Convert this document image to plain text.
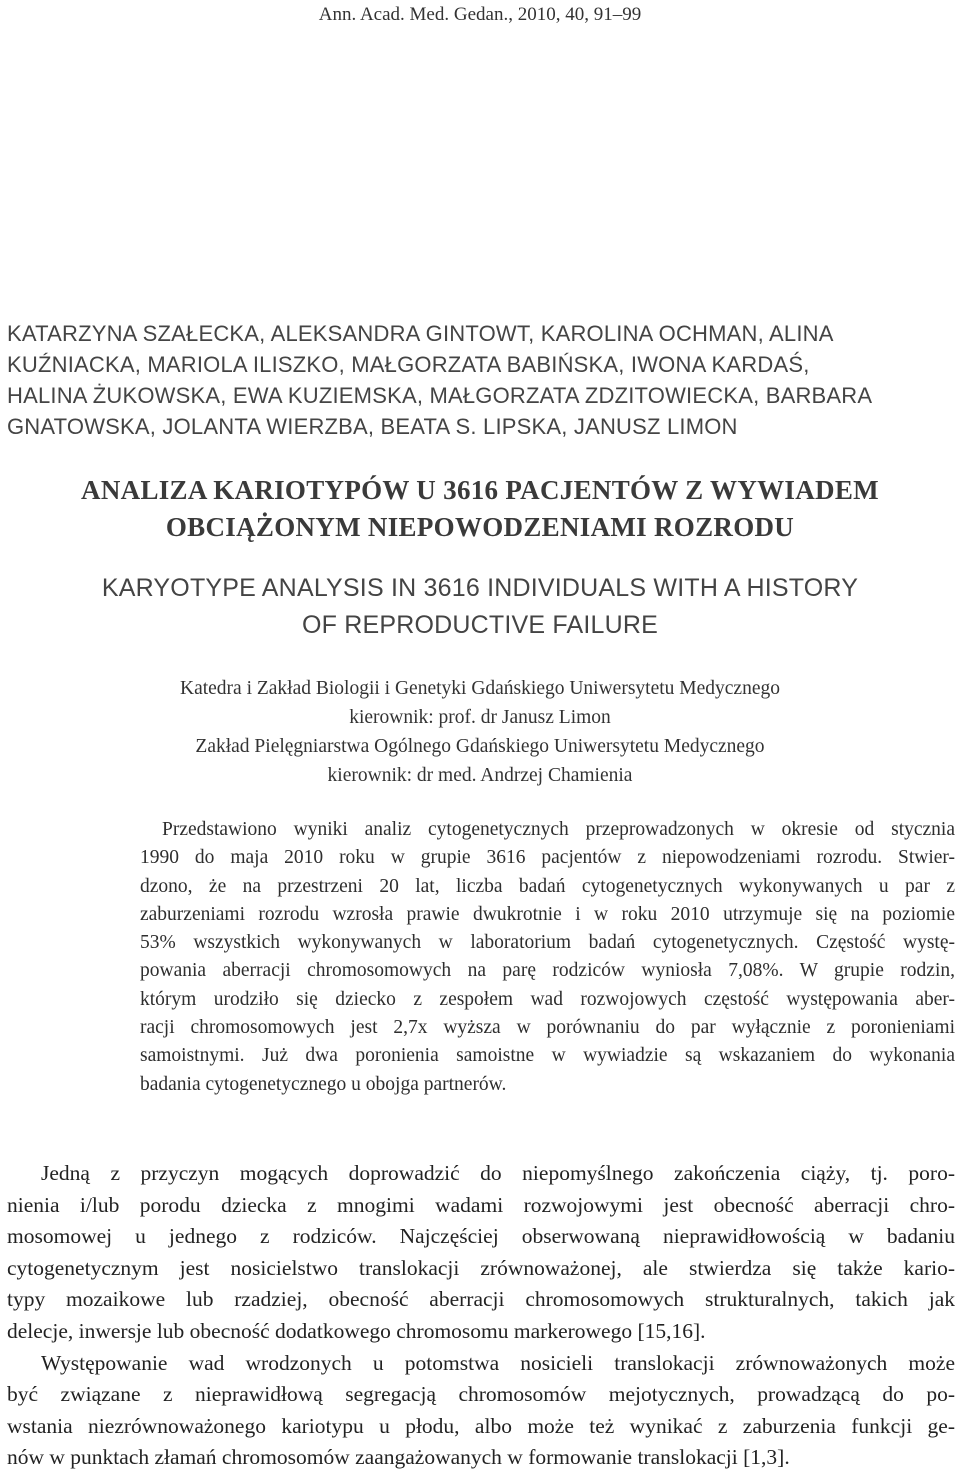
Ann. Acad. Med. Gedan., 2010, 40, 91–99
KATARZYNA SZAŁECKA, ALEKSANDRA GINTOWT, KAROLINA OCHMAN, ALINA
KUŹNIACKA, MARIOLA ILISZKO, MAŁGORZATA BABIŃSKA, IWONA KARDAŚ,
HALINA ŻUKOWSKA, EWA KUZIEMSKA, MAŁGORZATA ZDZITOWIECKA, BARBARA
GNATOWSKA, JOLANTA WIERZBA, BEATA S. LIPSKA, JANUSZ LIMON
ANALIZA KARIOTYPÓW U 3616 PACJENTÓW Z WYWIADEM
OBCIĄŻONYM NIEPOWODZENIAMI ROZRODU
KARYOTYPE ANALYSIS IN 3616 INDIVIDUALS WITH A HISTORY
OF REPRODUCTIVE FAILURE
Katedra i Zakład Biologii i Genetyki Gdańskiego Uniwersytetu Medycznego
kierownik: prof. dr Janusz Limon
Zakład Pielęgniarstwa Ogólnego Gdańskiego Uniwersytetu Medycznego
kierownik: dr med. Andrzej Chamienia
Przedstawiono wyniki analiz cytogenetycznych przeprowadzonych w okresie od stycznia
1990 do maja 2010 roku w grupie 3616 pacjentów z niepowodzeniami rozrodu. Stwier-
dzono, że na przestrzeni 20 lat, liczba badań cytogenetycznych wykonywanych u par z
zaburzeniami rozrodu wzrosła prawie dwukrotnie i w roku 2010 utrzymuje się na poziomie
53% wszystkich wykonywanych w laboratorium badań cytogenetycznych. Częstość wystę-
powania aberracji chromosomowych na parę rodziców wyniosła 7,08%. W grupie rodzin,
którym urodziło się dziecko z zespołem wad rozwojowych częstość występowania aber-
racji chromosomowych jest 2,7x wyższa w porównaniu do par wyłącznie z poronieniami
samoistnymi. Już dwa poronienia samoistne w wywiadzie są wskazaniem do wykonania
badania cytogenetycznego u obojga partnerów.
Jedną z przyczyn mogących doprowadzić do niepomyślnego zakończenia ciąży, tj. poro-
nienia i/lub porodu dziecka z mnogimi wadami rozwojowymi jest obecność aberracji chro-
mosomowej u jednego z rodziców. Najczęściej obserwowaną nieprawidłowością w badaniu
cytogenetycznym jest nosicielstwo translokacji zrównoważonej, ale stwierdza się także kario-
typy mozaikowe lub rzadziej, obecność aberracji chromosomowych strukturalnych, takich jak
delecje, inwersje lub obecność dodatkowego chromosomu markerowego [15,16].
Występowanie wad wrodzonych u potomstwa nosicieli translokacji zrównoważonych może
być związane z nieprawidłową segregacją chromosomów mejotycznych, prowadzącą do po-
wstania niezrównoważonego kariotypu u płodu, albo może też wynikać z zaburzenia funkcji ge-
nów w punktach złamań chromosomów zaangażowanych w formowanie translokacji [1,3].
